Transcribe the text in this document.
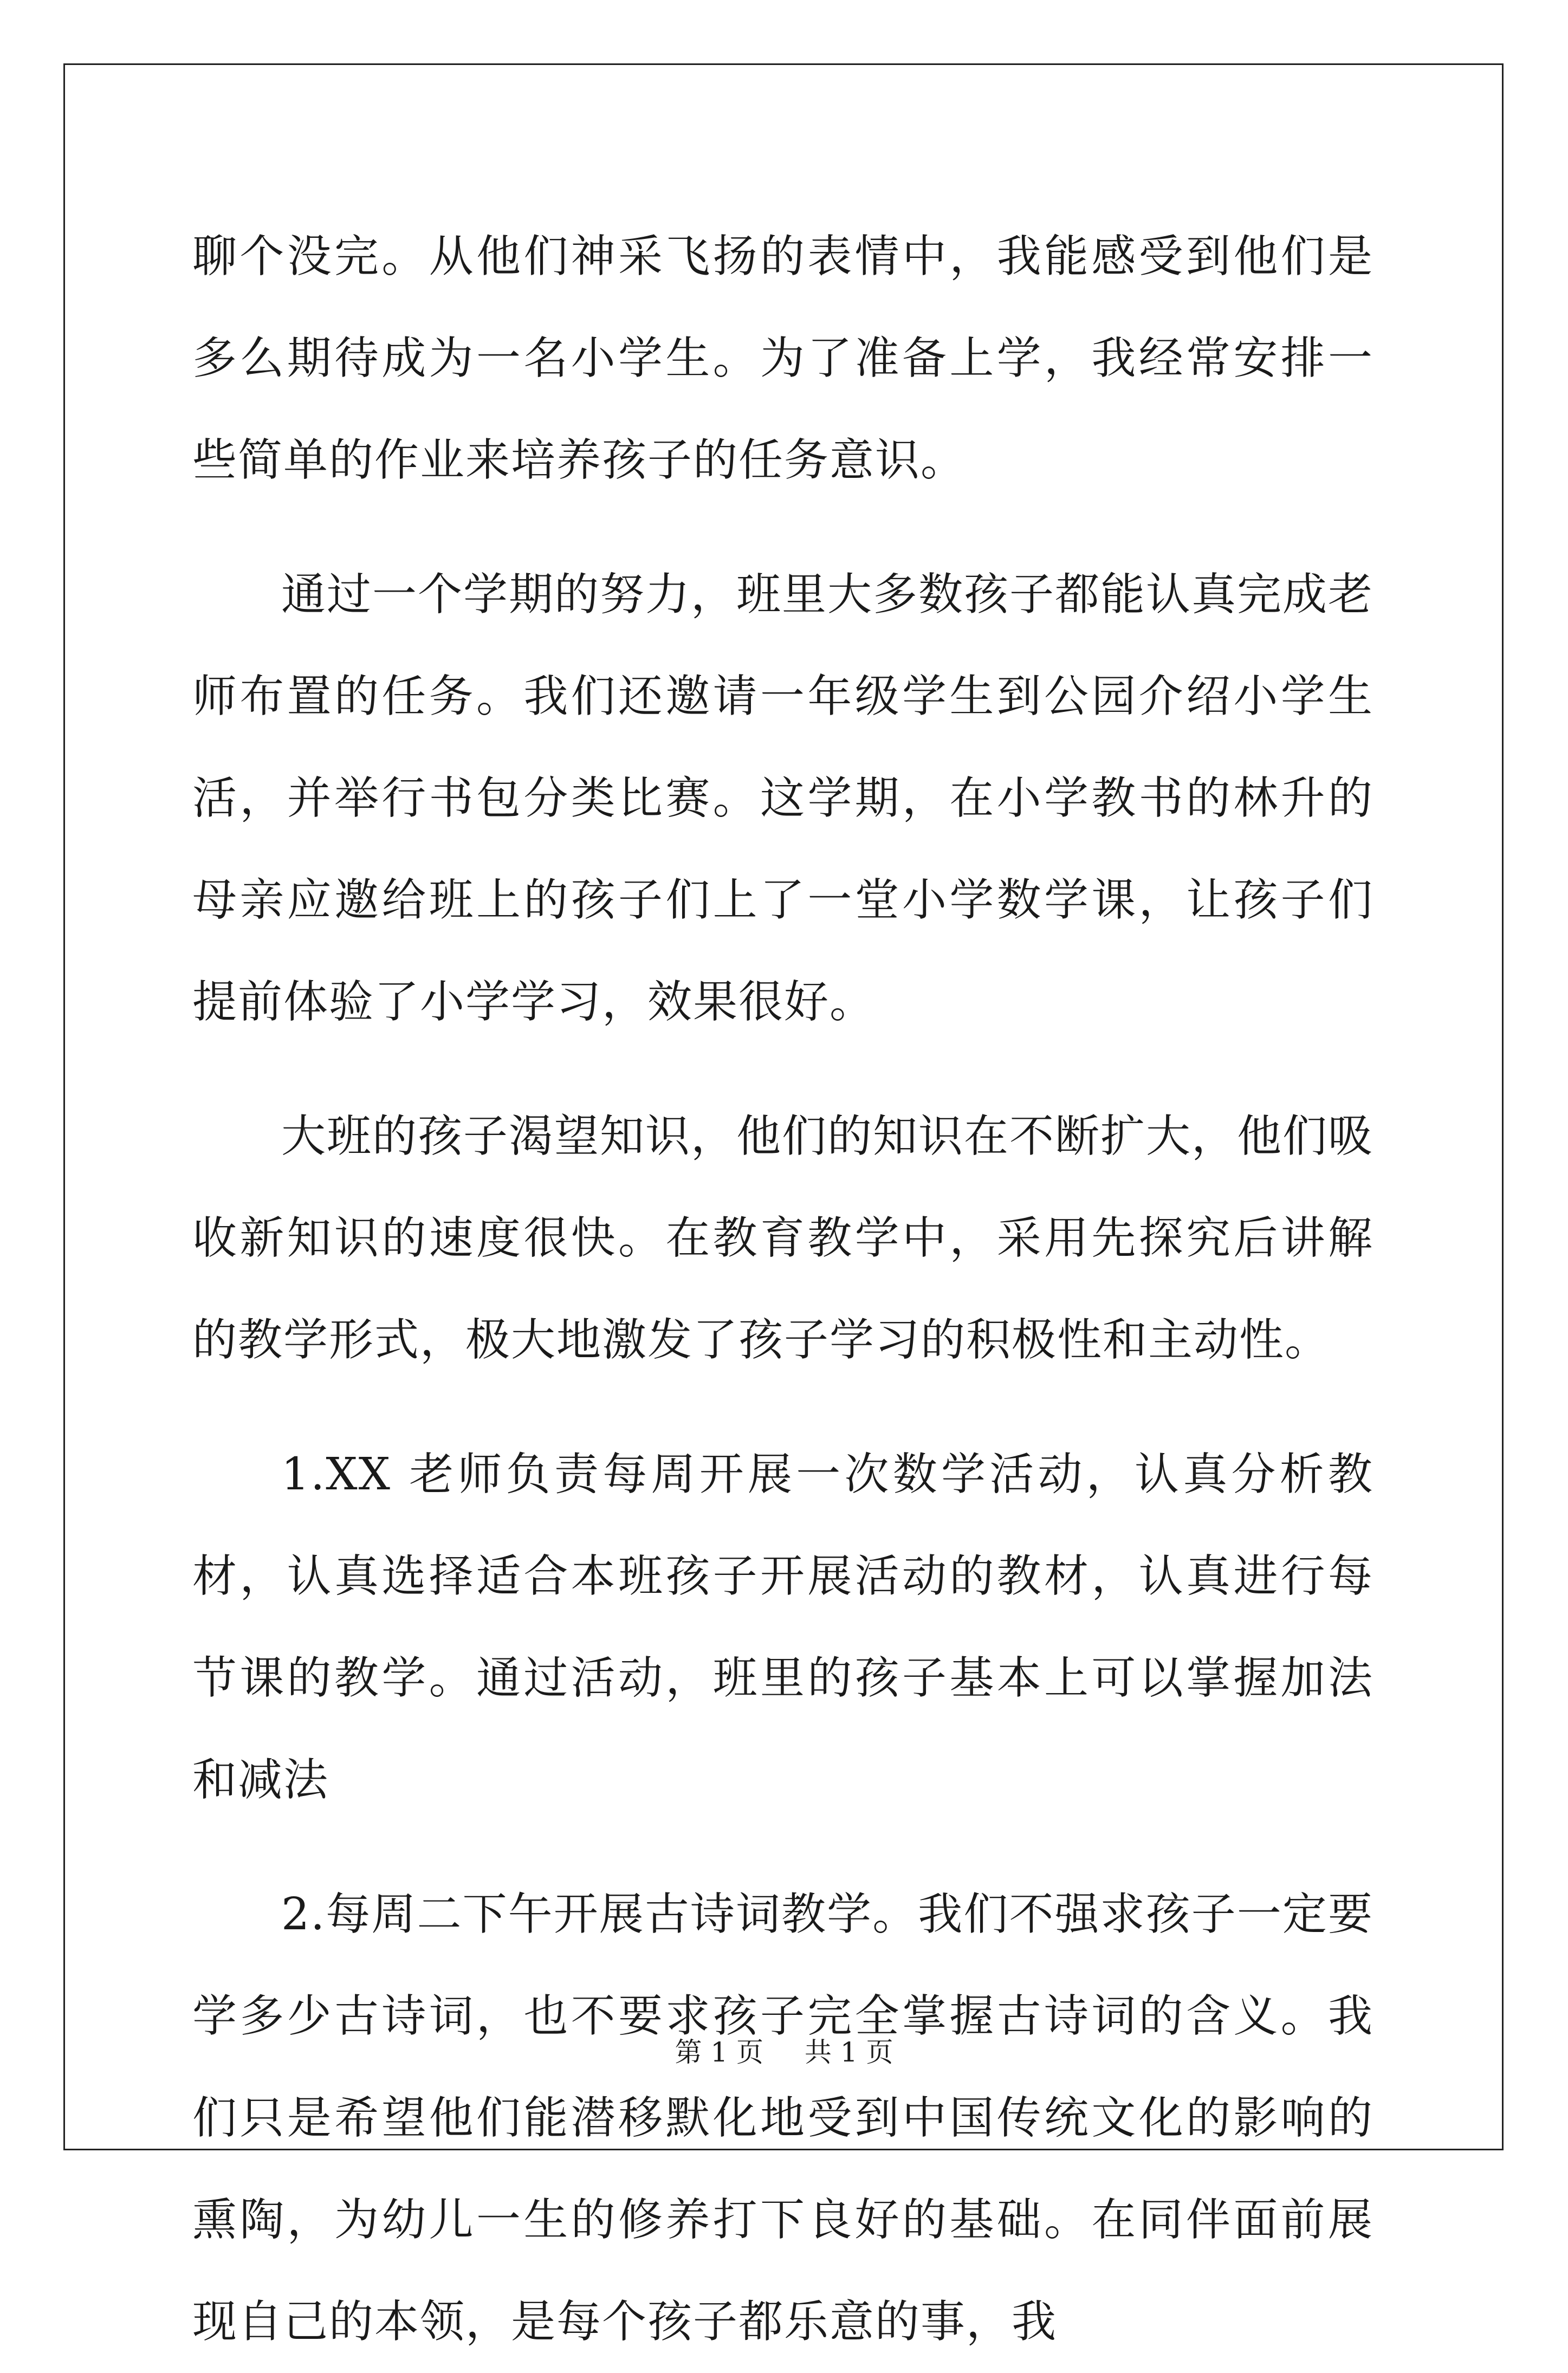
聊个没完。从他们神采飞扬的表情中，我能感受到他们是多么期待成为一名小学生。为了准备上学，我经常安排一些简单的作业来培养孩子的任务意识。

通过一个学期的努力，班里大多数孩子都能认真完成老师布置的任务。我们还邀请一年级学生到公园介绍小学生活，并举行书包分类比赛。这学期，在小学教书的林升的母亲应邀给班上的孩子们上了一堂小学数学课，让孩子们提前体验了小学学习，效果很好。

大班的孩子渴望知识，他们的知识在不断扩大，他们吸收新知识的速度很快。在教育教学中，采用先探究后讲解的教学形式，极大地激发了孩子学习的积极性和主动性。

1.XX 老师负责每周开展一次数学活动，认真分析教材，认真选择适合本班孩子开展活动的教材，认真进行每节课的教学。通过活动，班里的孩子基本上可以掌握加法和减法

2.每周二下午开展古诗词教学。我们不强求孩子一定要学多少古诗词，也不要求孩子完全掌握古诗词的含义。我们只是希望他们能潜移默化地受到中国传统文化的影响的熏陶，为幼儿一生的修养打下良好的基础。在同伴面前展现自己的本领，是每个孩子都乐意的事，我

第 1 页 共 1 页
